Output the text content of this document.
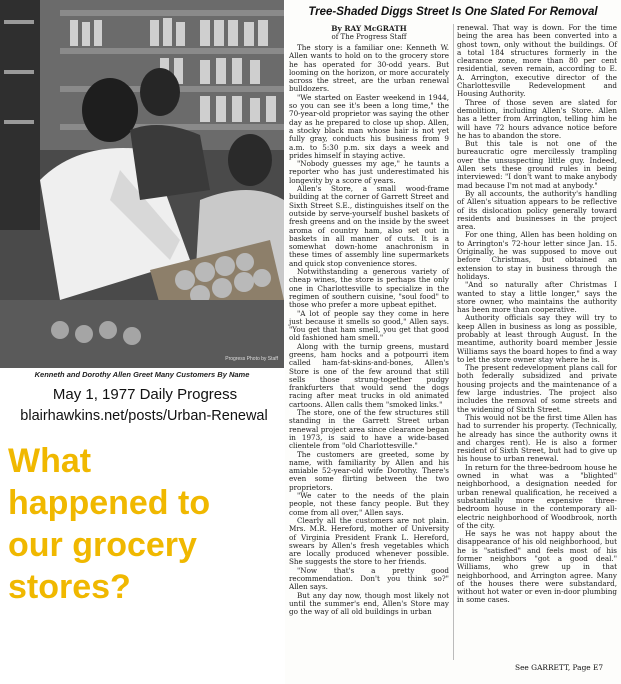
Progress Photo by Staff
Kenneth and Dorothy Allen Greet Many Customers By Name
May 1, 1977 Daily Progress
blairhawkins.net/posts/Urban-Renewal
What
happened to
our grocery
stores?
Tree-Shaded Diggs Street Is One Slated For Removal

By RAY McGRATH

of The Progress Staff

The story is a familiar one: Kenneth W. Allen wants to hold on to the grocery store he has operated for 30-odd years. But looming on the horizon, or more accurately across the street, are the urban renewal bulldozers.

"We started on Easter weekend in 1944, so you can see it's been a long time," the 70-year-old proprietor was saying the other day as he prepared to close up shop. Allen, a stocky black man whose hair is not yet fully gray, conducts his business from 9 a.m. to 5:30 p.m. six days a week and prides himself in staying active.

"Nobody guesses my age," he taunts a reporter who has just underestimated his longevity by a score of years.

Allen's Store, a small wood-frame building at the corner of Garrett Street and Sixth Street S.E., distinguishes itself on the outside by serve-yourself bushel baskets of fresh greens and on the inside by the sweet aroma of country ham, also set out in baskets in all manner of cuts. It is a somewhat down-home anachronism in these times of assembly line supermarkets and quick stop convenience stores.

Notwithstanding a generous variety of cheap wines, the store is perhaps the only one in Charlottesville to specialize in the regimen of southern cuisine, "soul food" to those who prefer a more upbeat epithet.

"A lot of people say they come in here just because it smells so good," Allen says. "You get that ham smell, you get that good old fashioned ham smell."

Along with the turnip greens, mustard greens, ham hocks and a potpourri item called ham-fat-skins-and-bones, Allen's Store is one of the few around that still sells those strung-together pudgy frankfurters that would send the dogs racing after meat trucks in old animated cartoons. Allen calls them "smoked links."

The store, one of the few structures still standing in the Garrett Street urban renewal project area since clearance began in 1973, is said to have a wide-based clientele from "old Charlottesville."

The customers are greeted, some by name, with familiarity by Allen and his amiable 52-year-old wife Dorothy. There's even some flirting between the two proprietors.

"We cater to the needs of the plain people, not these fancy people. But they come from all over," Allen says.

Clearly all the customers are not plain. Mrs. M.R. Hereford, mother of University of Virginia President Frank L. Hereford, swears by Allen's fresh vegetables which are locally produced whenever possible. She suggests the store to her friends.

"Now that's a pretty good recommendation. Don't you think so?" Allen says.

But any day now, though most likely not until the summer's end, Allen's Store may go the way of all old buildings in urban

renewal. That way is down. For the time being the area has been converted into a ghost town, only without the buildings. Of a total 184 structures formerly in the clearance zone, more than 80 per cent residential, seven remain, according to E. A. Arrington, executive director of the Charlottesville Redevelopment and Housing Authority.

Three of those seven are slated for demolition, including Allen's Store. Allen has a letter from Arrington, telling him he will have 72 hours advance notice before he has to abandon the store.

But this tale is not one of the bureaucratic ogre mercilessly trampling over the unsuspecting little guy. Indeed, Allen sets these ground rules in being interviewed: "I don't want to make anybody mad because I'm not mad at anybody."

By all accounts, the authority's handling of Allen's situation appears to be reflective of its dislocation policy generally toward residents and businesses in the project area.

For one thing, Allen has been holding on to Arrington's 72-hour letter since Jan. 15. Originally, he was supposed to move out before Christmas, but obtained an extension to stay in business through the holidays.

"And so naturally after Christmas I wanted to stay a little longer," says the store owner, who maintains the authority has been more than cooperative.

Authority officials say they will try to keep Allen in business as long as possible, probably at least through August. In the meantime, authority board member Jessie Williams says the board hopes to find a way to let the store owner stay where he is.

The present redevelopment plans call for both federally subsidized and private housing projects and the maintenance of a few large industries. The project also includes the removal of some streets and the widening of Sixth Street.

This would not be the first time Allen has had to surrender his property. (Technically, he already has since the authority owns it and charges rent). He is also a former resident of Sixth Street, but had to give up his house to urban renewal.

In return for the three-bedroom house he owned in what was a "blighted" neighborhood, a designation needed for urban renewal qualification, he received a substantially more expensive three-bedroom house in the contemporary all-electric neighborhood of Woodbrook, north of the city.

He says he was not happy about the disappearance of his old neighborhood, but he is "satisfied" and feels most of his former neighbors "got a good deal." Williams, who grew up in that neighborhood, and Arrington agree. Many of the houses there were substandard, without hot water or even in-door plumbing in some cases.

See GARRETT, Page E7
